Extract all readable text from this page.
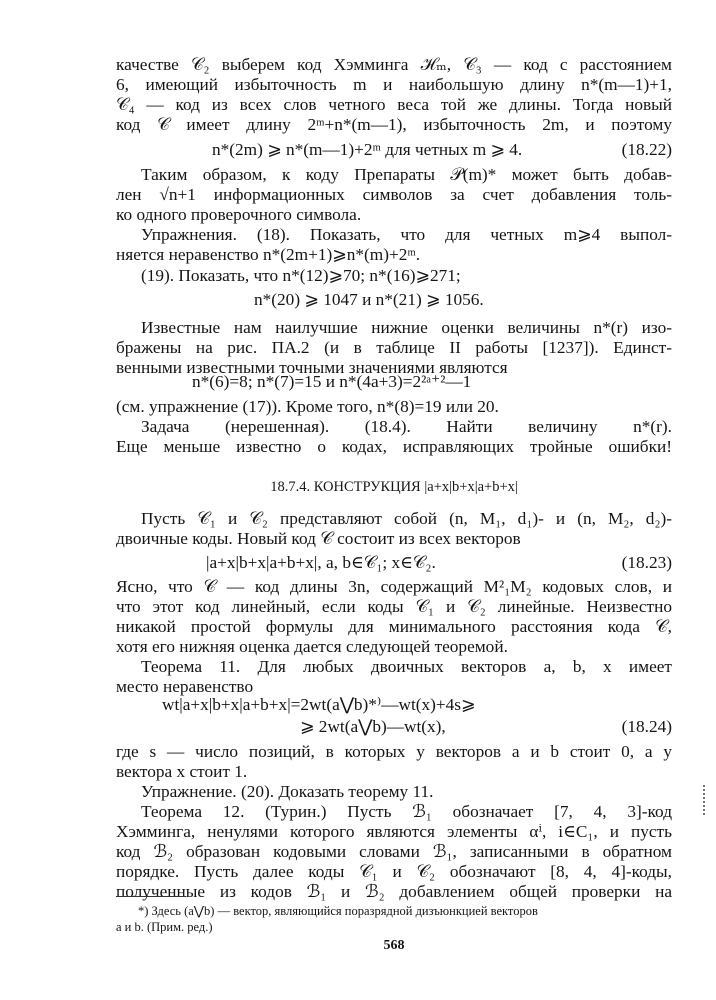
качестве 𝒞₂ выберем код Хэмминга ℋₘ, 𝒞₃ — код с расстоянием
6, имеющий избыточность m и наибольшую длину n*(m—1)+1,
𝒞₄ — код из всех слов четного веса той же длины. Тогда новый
код 𝒞 имеет длину 2ᵐ+n*(m—1), избыточность 2m, и поэтому
n*(2m) ⩾ n*(m—1)+2ᵐ для четных m ⩾ 4.	(18.22)
Таким образом, к коду Препараты 𝒫(m)* может быть добав-
лен √n+1 информационных символов за счет добавления толь-
ко одного проверочного символа.
Упражнения. (18). Показать, что для четных m⩾4 выпол-
няется неравенство n*(2m+1)⩾n*(m)+2ᵐ.
(19). Показать, что n*(12)⩾70; n*(16)⩾271;
n*(20) ⩾ 1047 и n*(21) ⩾ 1056.
Известные нам наилучшие нижние оценки величины n*(r) изо-
бражены на рис. ПА.2 (и в таблице II работы [1237]). Единст-
венными известными точными значениями являются
n*(6)=8; n*(7)=15 и n*(4a+3)=2²ᵃ⁺²—1
(см. упражнение (17)). Кроме того, n*(8)=19 или 20.
Задача (нерешенная). (18.4). Найти величину n*(r).
Еще меньше известно о кодах, исправляющих тройные ошибки!
18.7.4. КОНСТРУКЦИЯ |a+x|b+x|a+b+x|
Пусть 𝒞₁ и 𝒞₂ представляют собой (n, M₁, d₁)- и (n, M₂, d₂)-
двоичные коды. Новый код 𝒞 состоит из всех векторов
|a+x|b+x|a+b+x|, a, b∈𝒞₁; x∈𝒞₂.	(18.23)
Ясно, что 𝒞 — код длины 3n, содержащий M²₁M₂ кодовых слов, и
что этот код линейный, если коды 𝒞₁ и 𝒞₂ линейные. Неизвестно
никакой простой формулы для минимального расстояния кода 𝒞,
хотя его нижняя оценка дается следующей теоремой.
Теорема 11. Для любых двоичных векторов a, b, x имеет
место неравенство
wt|a+x|b+x|a+b+x|=2wt(a⋁b)*⁾—wt(x)+4s⩾
⩾ 2wt(a⋁b)—wt(x),	(18.24)
где s — число позиций, в которых у векторов a и b стоит 0, а у
вектора x стоит 1.
Упражнение. (20). Доказать теорему 11.
Теорема 12. (Турин.) Пусть ℬ₁ обозначает [7, 4, 3]-код
Хэмминга, ненулями которого являются элементы αⁱ, i∈C₁, и пусть
код ℬ₂ образован кодовыми словами ℬ₁, записанными в обратном
порядке. Пусть далее коды 𝒞₁ и 𝒞₂ обозначают [8, 4, 4]-коды,
полученные из кодов ℬ₁ и ℬ₂ добавлением общей проверки на
*) Здесь (a⋁b) — вектор, являющийся поразрядной дизъюнкцией векторов
a и b. (Прим. ред.)
568
